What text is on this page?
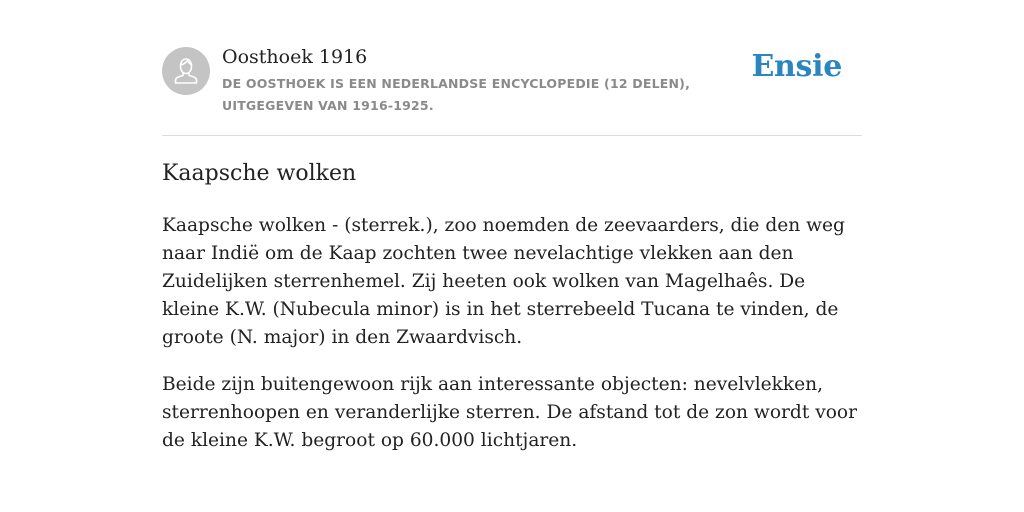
Oosthoek 1916
DE OOSTHOEK IS EEN NEDERLANDSE ENCYCLOPEDIE (12 DELEN), UITGEGEVEN VAN 1916-1925.
Ensie
Kaapsche wolken

Kaapsche wolken - (sterrek.), zoo noemden de zeevaarders, die den weg naar Indië om de Kaap zochten twee nevelachtige vlekken aan den Zuidelijken sterrenhemel. Zij heeten ook wolken van Magelhaês. De kleine K.W. (Nubecula minor) is in het sterrebeeld Tucana te vinden, de groote (N. major) in den Zwaardvisch.

Beide zijn buitengewoon rijk aan interessante objecten: nevelvlekken, sterrenhoopen en veranderlijke sterren. De afstand tot de zon wordt voor de kleine K.W. begroot op 60.000 lichtjaren.
